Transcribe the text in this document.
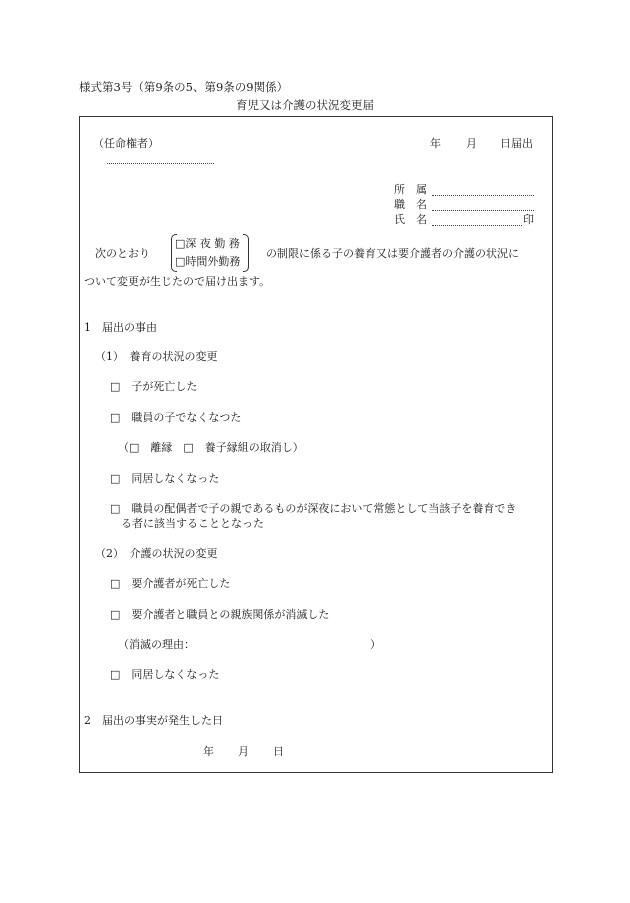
様式第3号（第9条の5、第9条の9関係）
育児又は介護の状況変更届
（任命権者）	年 月 日届出
所　属
職　名
氏　名	印
次のとおり
□深 夜 勤 務
□時間外勤務
の制限に係る子の養育又は要介護者の介護の状況に
ついて変更が生じたので届け出ます。
1　届出の事由
（1）　養育の状況の変更
□　子が死亡した
□　職員の子でなくなつた
（□　離縁　□　養子縁組の取消し）
□　同居しなくなった
□　職員の配偶者で子の親であるものが深夜において常態として当該子を養育でき
る者に該当することとなった
（2）　介護の状況の変更
□　要介護者が死亡した
□　要介護者と職員との親族関係が消滅した
（消滅の理由：	）
□　同居しなくなった
2　届出の事実が発生した日
年 月 日
